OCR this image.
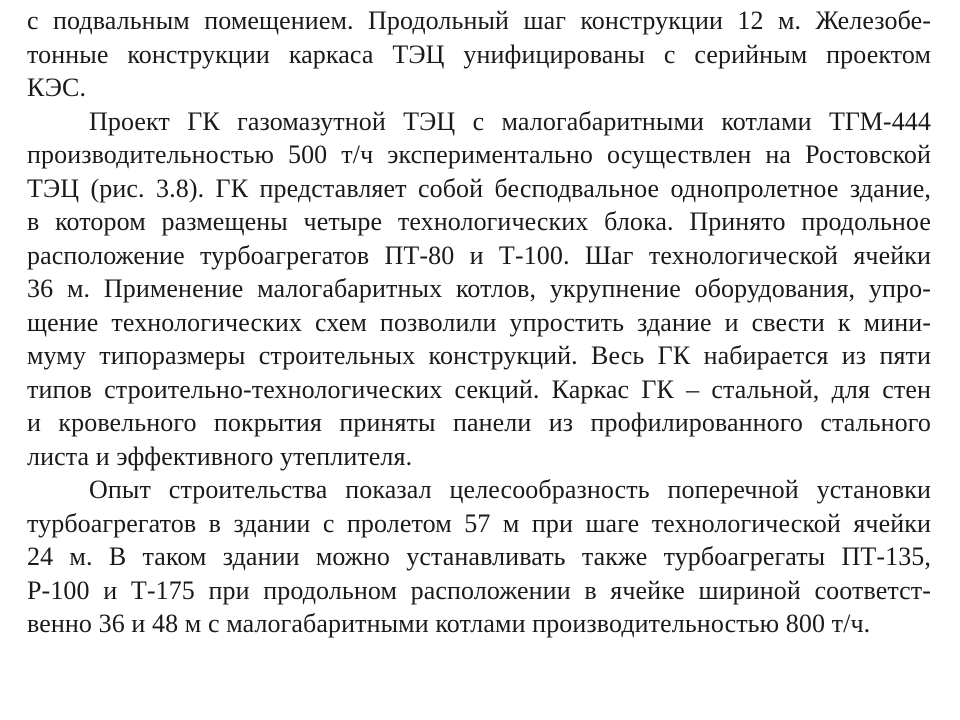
с подвальным помещением. Продольный шаг конструкции 12 м. Железобе-
тонные конструкции каркаса ТЭЦ унифицированы с серийным проектом
КЭС.
Проект ГК газомазутной ТЭЦ с малогабаритными котлами ТГМ-444
производительностью 500 т/ч экспериментально осуществлен на Ростовской
ТЭЦ (рис. 3.8). ГК представляет собой бесподвальное однопролетное здание,
в котором размещены четыре технологических блока. Принято продольное
расположение турбоагрегатов ПТ-80 и Т-100. Шаг технологической ячейки
36 м. Применение малогабаритных котлов, укрупнение оборудования, упро-
щение технологических схем позволили упростить здание и свести к мини-
муму типоразмеры строительных конструкций. Весь ГК набирается из пяти
типов строительно-технологических секций. Каркас ГК – стальной, для стен
и кровельного покрытия приняты панели из профилированного стального
листа и эффективного утеплителя.
Опыт строительства показал целесообразность поперечной установки
турбоагрегатов в здании с пролетом 57 м при шаге технологической ячейки
24 м. В таком здании можно устанавливать также турбоагрегаты ПТ-135,
Р-100 и Т-175 при продольном расположении в ячейке шириной соответст-
венно 36 и 48 м с малогабаритными котлами производительностью 800 т/ч.
